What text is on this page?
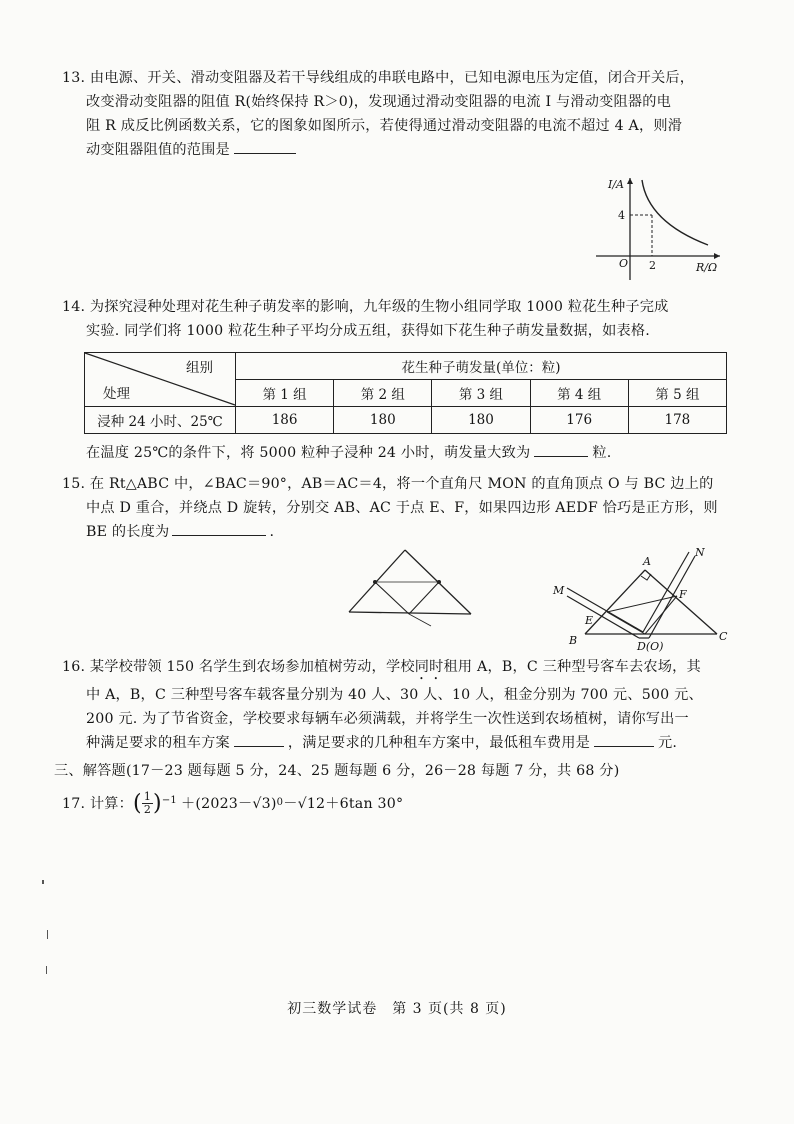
13. 由电源、开关、滑动变阻器及若干导线组成的串联电路中，已知电源电压为定值，闭合开关后，

改变滑动变阻器的阻值 R(始终保持 R＞0)，发现通过滑动变阻器的电流 I 与滑动变阻器的电

阻 R 成反比例函数关系，它的图象如图所示，若使得通过滑动变阻器的电流不超过 4 A，则滑

动变阻器阻值的范围是

I/A
4
O 2	R/Ω

14. 为探究浸种处理对花生种子萌发率的影响，九年级的生物小组同学取 1000 粒花生种子完成

实验. 同学们将 1000 粒花生种子平均分成五组，获得如下花生种子萌发量数据，如表格.

组别
处理	花生种子萌发量(单位：粒)				
	第 1 组	第 2 组	第 3 组	第 4 组	第 5 组
浸种 24 小时、25℃	186	180	180	176	178

在温度 25℃的条件下，将 5000 粒种子浸种 24 小时，萌发量大致为	粒.

15. 在 Rt△ABC 中，∠BAC＝90°，AB＝AC＝4，将一个直角尺 MON 的直角顶点 O 与 BC 边上的

中点 D 重合，并绕点 D 旋转，分别交 AB、AC 于点 E、F，如果四边形 AEDF 恰巧是正方形，则

BE 的长度为	.

A
B	C
E
F
M
N
D(O)

16. 某学校带领 150 名学生到农场参加植树劳动，学校同时租用 A，B，C 三种型号客车去农场，其

中 A，B，C 三种型号客车载客量分别为 40 人、30 人、10 人，租金分别为 700 元、500 元、

200 元. 为了节省资金，学校要求每辆车必须满载，并将学生一次性送到农场植树，请你写出一

种满足要求的租车方案	，满足要求的几种租车方案中，最低租车费用是	元.

三、解答题(17－23 题每题 5 分，24、25 题每题 6 分，26－28 每题 7 分，共 68 分)

17. 计算： ( 1
2 ) −1 ＋(2023－√3) 0 －√12＋6tan 30°

初三数学试卷　第 3 页(共 8 页)
